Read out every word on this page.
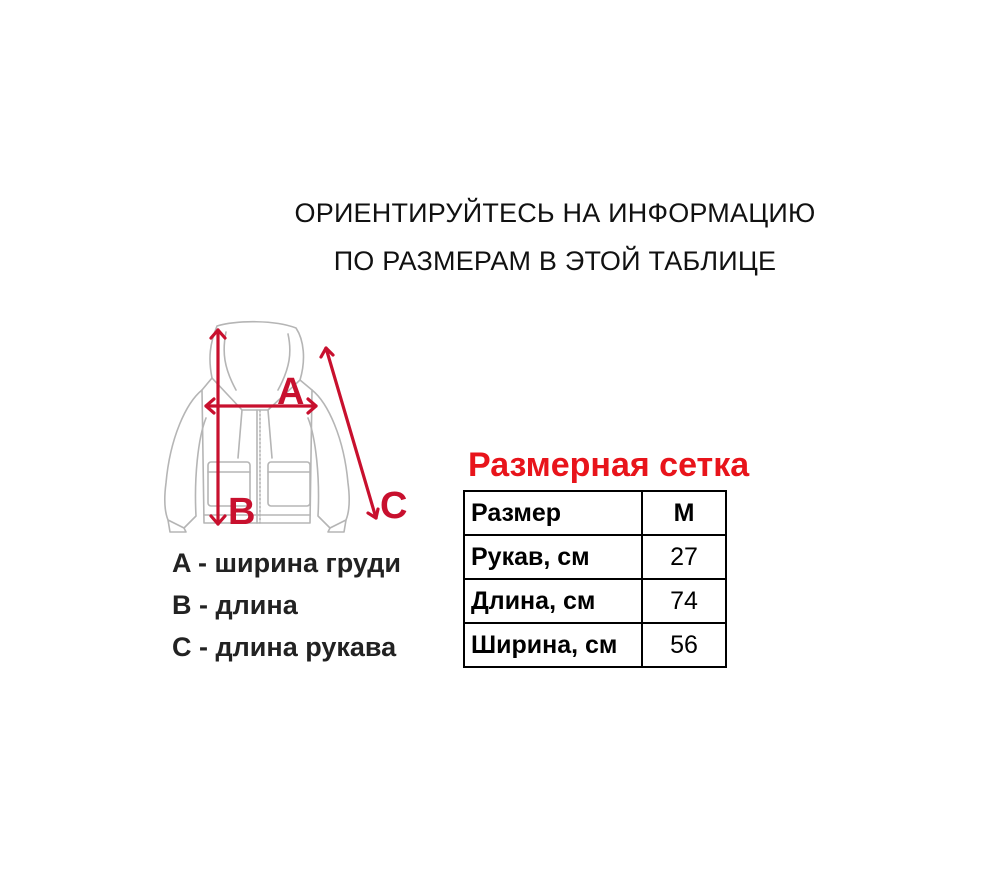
ОРИЕНТИРУЙТЕСЬ НА ИНФОРМАЦИЮ
ПО РАЗМЕРАМ В ЭТОЙ ТАБЛИЦЕ
A
B	C
A - ширина груди
B - длина
C - длина рукава
Размерная сетка
Размер	M
Рукав, см	27
Длина, см	74
Ширина, см	56
